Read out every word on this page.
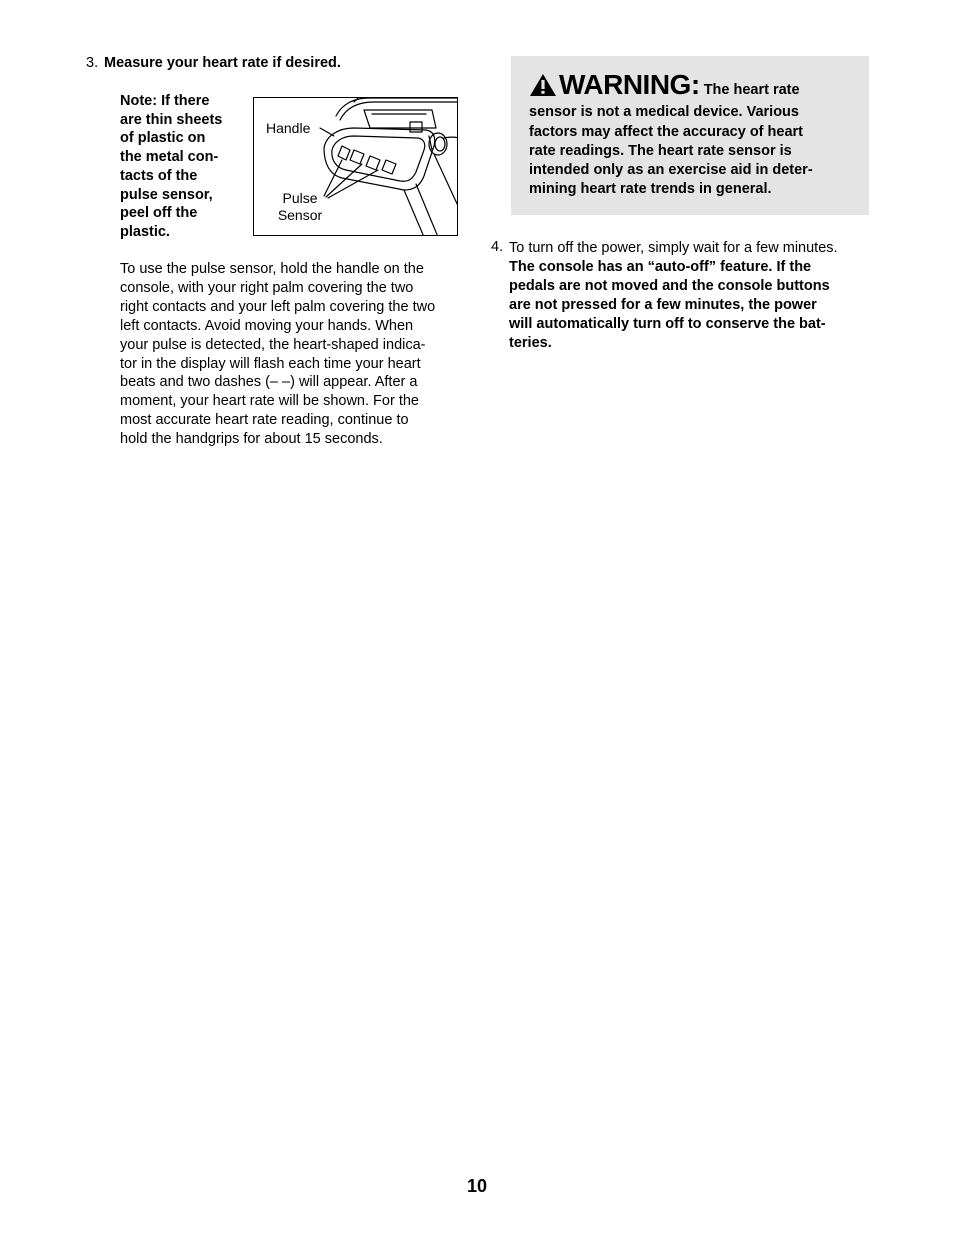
3. Measure your heart rate if desired.
Note: If there
are thin sheets
of plastic on
the metal con-
tacts of the
pulse sensor,
peel off the
plastic.
Handle
Pulse
Sensor
To use the pulse sensor, hold the handle on the
console, with your right palm covering the two
right contacts and your left palm covering the two
left contacts. Avoid moving your hands. When
your pulse is detected, the heart-shaped indica-
tor in the display will flash each time your heart
beats and two dashes (– –) will appear. After a
moment, your heart rate will be shown. For the
most accurate heart rate reading, continue to
hold the handgrips for about 15 seconds.
WARNING: The heart rate
sensor is not a medical device. Various
factors may affect the accuracy of heart
rate readings. The heart rate sensor is
intended only as an exercise aid in deter-
mining heart rate trends in general.
4. To turn off the power, simply wait for a few minutes.
The console has an “auto-off” feature. If the
pedals are not moved and the console buttons
are not pressed for a few minutes, the power
will automatically turn off to conserve the bat-
teries.
10
